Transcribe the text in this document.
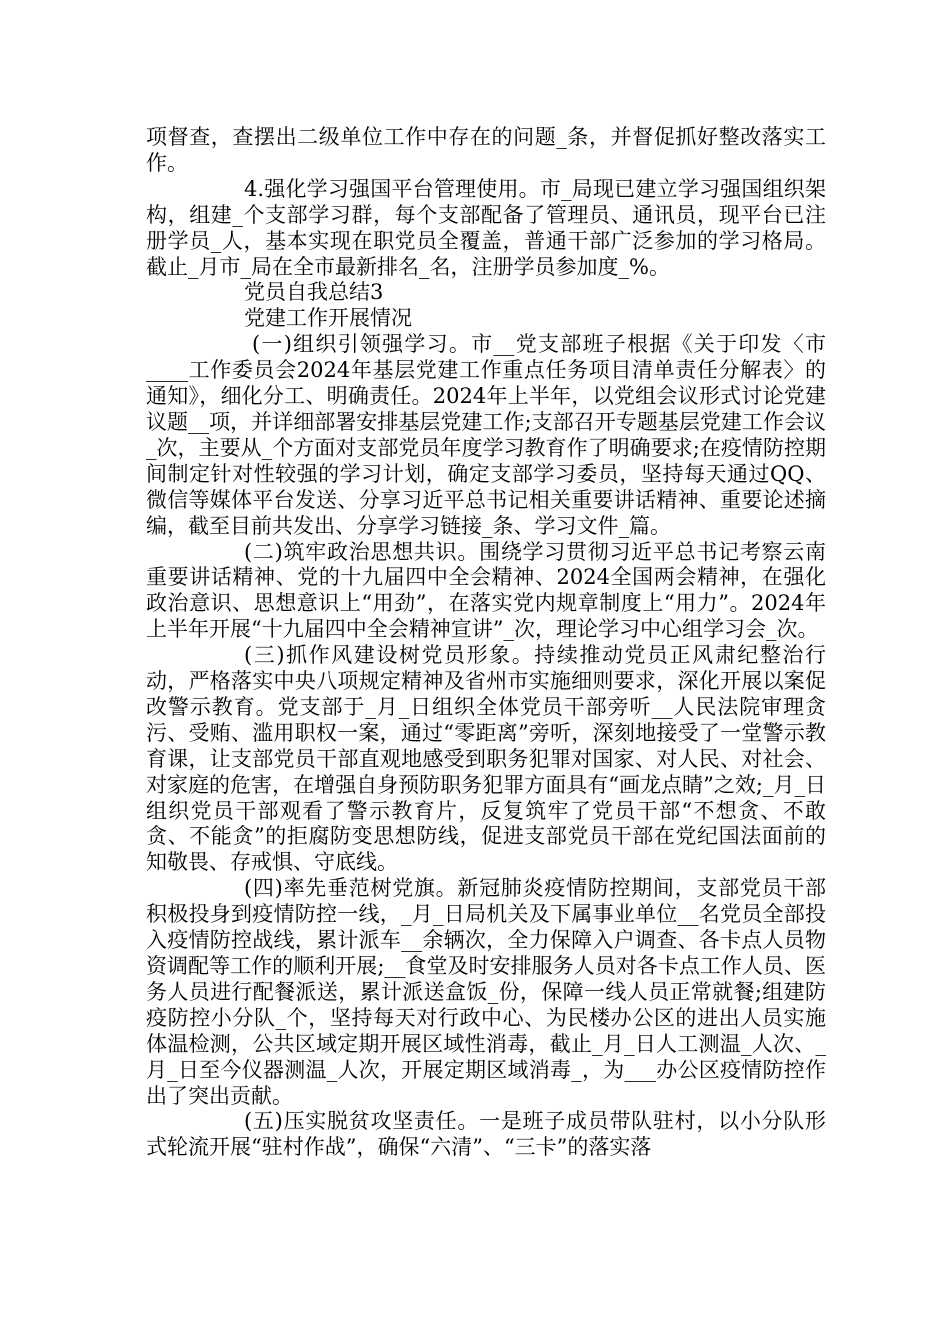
项督查，查摆出二级单位工作中存在的问题_条，并督促抓好整改落实工作。

4.强化学习强国平台管理使用。市_局现已建立学习强国组织架构，组建_个支部学习群，每个支部配备了管理员、通讯员，现平台已注册学员_人，基本实现在职党员全覆盖，普通干部广泛参加的学习格局。截止_月市_局在全市最新排名_名，注册学员参加度_%。

党员自我总结3

党建工作开展情况

(一)组织引领强学习。市__党支部班子根据《关于印发〈市____工作委员会2024年基层党建工作重点任务项目清单责任分解表〉的通知》，细化分工、明确责任。2024年上半年，以党组会议形式讨论党建议题__项，并详细部署安排基层党建工作;支部召开专题基层党建工作会议_次，主要从_个方面对支部党员年度学习教育作了明确要求;在疫情防控期间制定针对性较强的学习计划，确定支部学习委员，坚持每天通过QQ、微信等媒体平台发送、分享习近平总书记相关重要讲话精神、重要论述摘编，截至目前共发出、分享学习链接_条、学习文件_篇。

(二)筑牢政治思想共识。围绕学习贯彻习近平总书记考察云南重要讲话精神、党的十九届四中全会精神、2024全国两会精神，在强化政治意识、思想意识上“用劲”，在落实党内规章制度上“用力”。2024年上半年开展“十九届四中全会精神宣讲”_次，理论学习中心组学习会_次。

(三)抓作风建设树党员形象。持续推动党员正风肃纪整治行动，严格落实中央八项规定精神及省州市实施细则要求，深化开展以案促改警示教育。党支部于_月_日组织全体党员干部旁听__人民法院审理贪污、受贿、滥用职权一案，通过“零距离”旁听，深刻地接受了一堂警示教育课，让支部党员干部直观地感受到职务犯罪对国家、对人民、对社会、对家庭的危害，在增强自身预防职务犯罪方面具有“画龙点睛”之效;_月_日组织党员干部观看了警示教育片，反复筑牢了党员干部“不想贪、不敢贪、不能贪”的拒腐防变思想防线，促进支部党员干部在党纪国法面前的知敬畏、存戒惧、守底线。

(四)率先垂范树党旗。新冠肺炎疫情防控期间，支部党员干部积极投身到疫情防控一线，_月_日局机关及下属事业单位__名党员全部投入疫情防控战线，累计派车__余辆次，全力保障入户调查、各卡点人员物资调配等工作的顺利开展;__食堂及时安排服务人员对各卡点工作人员、医务人员进行配餐派送，累计派送盒饭_份，保障一线人员正常就餐;组建防疫防控小分队_个，坚持每天对行政中心、为民楼办公区的进出人员实施体温检测，公共区域定期开展区域性消毒，截止_月_日人工测温_人次、_月_日至今仪器测温_人次，开展定期区域消毒_，为___办公区疫情防控作出了突出贡献。

(五)压实脱贫攻坚责任。一是班子成员带队驻村，以小分队形式轮流开展“驻村作战”，确保“六清”、“三卡”的落实落
